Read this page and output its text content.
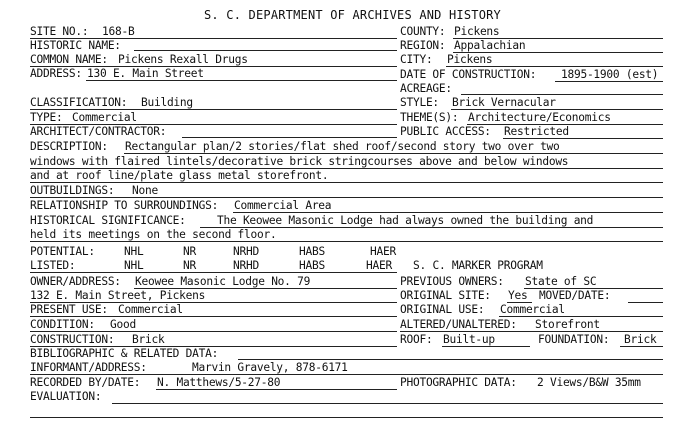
S. C. DEPARTMENT OF ARCHIVES AND HISTORY
SITE NO.: 168-B
HISTORIC NAME:
COMMON NAME: Pickens Rexall Drugs
ADDRESS: 130 E. Main Street
CLASSIFICATION: Building
TYPE: Commercial
ARCHITECT/CONTRACTOR:
COUNTY: Pickens
REGION: Appalachian
CITY: Pickens
DATE OF CONSTRUCTION: 1895-1900 (est)
ACREAGE:
STYLE: Brick Vernacular
THEME(S): Architecture/Economics
PUBLIC ACCESS: Restricted
DESCRIPTION: Rectangular plan/2 stories/flat shed roof/second story two over two
windows with flaired lintels/decorative brick stringcourses above and below windows
and at roof line/plate glass metal storefront.
OUTBUILDINGS: None
RELATIONSHIP TO SURROUNDINGS: Commercial Area
HISTORICAL SIGNIFICANCE:	The Keowee Masonic Lodge had always owned the building and
held its meetings on the second floor.
POTENTIAL:	NHL	NR	NRHD	HABS	HAER
LISTED:	NHL	NR	NRHD	HABS	HAER S. C. MARKER PROGRAM
OWNER/ADDRESS: Keowee Masonic Lodge No. 79
132 E. Main Street, Pickens
PREVIOUS OWNERS: State of SC
ORIGINAL SITE: Yes MOVED/DATE:
PRESENT USE: Commercial	ORIGINAL USE: Commercial
CONDITION: Good	ALTERED/UNALTERED: Storefront
CONSTRUCTION: Brick	ROOF: Built-up	FOUNDATION: Brick
BIBLIOGRAPHIC & RELATED DATA:
INFORMANT/ADDRESS:	Marvin Gravely, 878-6171
RECORDED BY/DATE: N. Matthews/5-27-80	PHOTOGRAPHIC DATA: 2 Views/B&W 35mm
EVALUATION:
